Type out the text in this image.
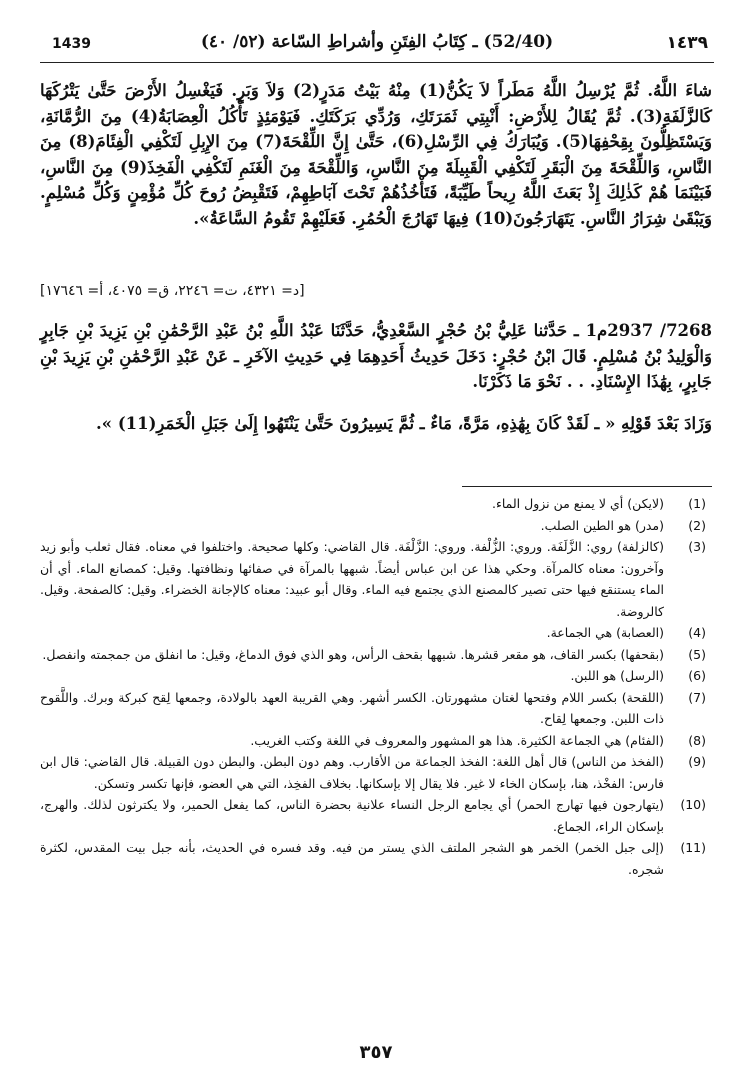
1439	(52/40) ـ كِتَابُ الفِتَنِ وأشراطِ السّاعة (٥٢/ ٤٠)	١٤٣٩

شاءَ اللَّهُ. ثُمَّ يُرْسِلُ اللَّهُ مَطَراً لاَ يَكُنُّ(1) مِنْهُ بَيْتُ مَدَرٍ(2) وَلاَ وَبَرٍ. فَيَغْسِلُ الأَرْضَ حَتَّىٰ يَتْرُكَهَا كَالزَّلَفَةِ(3). ثُمَّ يُقَالُ لِلأَرْضِ: أَنْبِتِي ثَمَرَتَكِ، وَرُدِّي بَرَكَتَكِ. فَيَوْمَئِذٍ تَأْكُلُ الْعِصَابَةُ(4) مِنَ الرُّمَّانَةِ، وَيَسْتَظِلُّونَ بِقِحْفِهَا(5). وَيُبَارَكُ فِي الرِّسْلِ(6)، حَتَّىٰ إِنَّ اللِّقْحَةَ(7) مِنَ الإِبِلِ لَتَكْفِي الْفِئَامَ(8) مِنَ النَّاسِ، وَاللِّقْحَةَ مِنَ الْبَقَرِ لَتَكْفِي الْقَبِيلَةَ مِنَ النَّاسِ، وَاللِّقْحَةَ مِنَ الْغَنَمِ لَتَكْفِي الْفَخِذَ(9) مِنَ النَّاسِ، فَبَيْنَمَا هُمْ كَذٰلِكَ إِذْ بَعَثَ اللَّهُ رِيحاً طَيِّبَةً، فَتَأْخُذُهُمْ تَحْتَ آبَاطِهِمْ، فَتَقْبِضُ رُوحَ كُلِّ مُؤْمِنٍ وَكُلِّ مُسْلِمٍ. وَيَبْقَىٰ شِرَارُ النَّاسِ. يَتَهَارَجُونَ(10) فِيهَا تَهَارُجَ الْحُمُرِ. فَعَلَيْهِمْ تَقُومُ السَّاعَةُ».

[د= ٤٣٢١، ت= ٢٢٤٦، ق= ٤٠٧٥، أ= ١٧٦٤٦]

7268/ 2937م1 ـ حَدَّثنا عَلِيُّ بْنُ حُجْرٍ السَّعْدِيُّ، حَدَّثَنَا عَبْدُ اللَّهِ بْنُ عَبْدِ الرَّحْمَٰنِ بْنِ يَزِيدَ بْنِ جَابِرٍ وَالْوَلِيدُ بْنُ مُسْلِمٍ. قَالَ ابْنُ حُجْرٍ: دَخَلَ حَدِيثُ أَحَدِهِمَا فِي حَدِيثِ الآخَرِ ـ عَنْ عَبْدِ الرَّحْمَٰنِ بْنِ يَزِيدَ بْنِ جَابِرٍ، بِهَٰذَا الإِسْنَادِ. . . نَحْوَ مَا ذَكَرْنَا.

وَزَادَ بَعْدَ قَوْلِهِ « ـ لَقَدْ كَانَ بِهَٰذِهِ، مَرَّةً، مَاءٌ ـ ثُمَّ يَسِيرُونَ حَتَّىٰ يَنْتَهُوا إِلَىٰ جَبَلِ الْخَمَرِ(11) ».

(1)
(لايكن) أي لا يمنع من نزول الماء.
(2)
(مدر) هو الطين الصلب.
(3)
(كالزلفة) روي: الزَّلَفَة. وروي: الزُّلْفة. وروي: الزَّلْفَة. قال القاضي: وكلها صحيحة. واختلفوا في معناه. فقال ثعلب وأبو زيد وآخرون: معناه كالمرآة. وحكي هذا عن ابن عباس أيضاً. شبهها بالمرآة في صفائها ونظافتها. وقيل: كمصانع الماء. أي أن الماء يستنقع فيها حتى تصير كالمصنع الذي يجتمع فيه الماء. وقال أبو عبيد: معناه كالإجانة الخضراء. وقيل: كالصفحة. وقيل. كالروضة.
(4)
(العصابة) هي الجماعة.
(5)
(بقحفها) بكسر القاف، هو مقعر قشرها. شبهها بقحف الرأس، وهو الذي فوق الدماغ، وقيل: ما انفلق من جمجمته وانفصل.
(6)
(الرسل) هو اللبن.
(7)
(اللقحة) بكسر اللام وفتحها لغتان مشهورتان. الكسر أشهر. وهي القريبة العهد بالولادة، وجمعها لِقح كبركة وبرك. واللَّقوح ذات اللبن. وجمعها لِقاح.
(8)
(الفئام) هي الجماعة الكثيرة. هذا هو المشهور والمعروف في اللغة وكتب الغريب.
(9)
(الفخذ من الناس) قال أهل اللغة: الفخذ الجماعة من الأقارب. وهم دون البطن. والبطن دون القبيلة. قال القاضي: قال ابن فارس: الفخْذ، هنا، بإسكان الخاء لا غير. فلا يقال إلا بإسكانها. بخلاف الفخِذ، التي هي العضو، فإنها تكسر وتسكن.
(10)
(يتهارجون فيها تهارج الحمر) أي يجامع الرجل النساء علانية بحضرة الناس، كما يفعل الحمير، ولا يكترثون لذلك. والهرج، بإسكان الراء، الجماع.
(11)
(إلى جبل الخمر) الخمر هو الشجر الملتف الذي يستر من فيه. وقد فسره في الحديث، بأنه جبل بيت المقدس، لكثرة شجره.
٣٥٧
